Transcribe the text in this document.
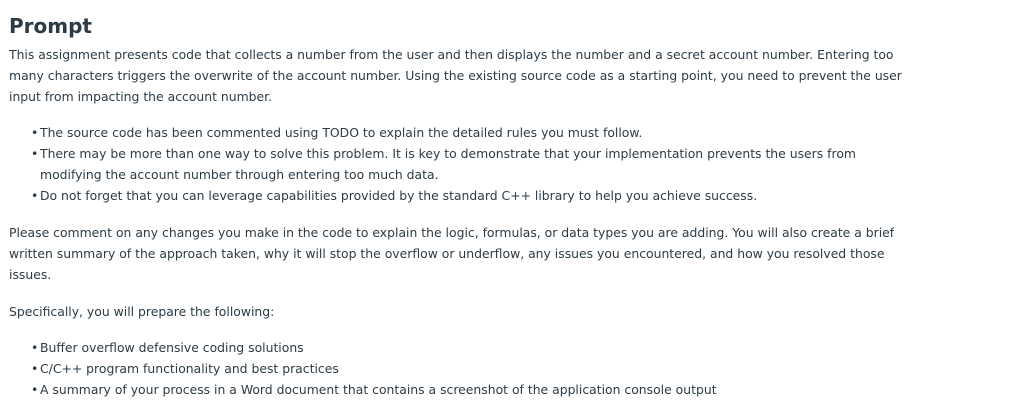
Prompt

This assignment presents code that collects a number from the user and then displays the number and a secret account number. Entering too many characters triggers the overwrite of the account number. Using the existing source code as a starting point, you need to prevent the user input from impacting the account number.

• The source code has been commented using TODO to explain the detailed rules you must follow.
• There may be more than one way to solve this problem. It is key to demonstrate that your implementation prevents the users from modifying the account number through entering too much data.
• Do not forget that you can leverage capabilities provided by the standard C++ library to help you achieve success.

Please comment on any changes you make in the code to explain the logic, formulas, or data types you are adding. You will also create a brief written summary of the approach taken, why it will stop the overflow or underflow, any issues you encountered, and how you resolved those issues.

Specifically, you will prepare the following:

• Buffer overflow defensive coding solutions
• C/C++ program functionality and best practices
• A summary of your process in a Word document that contains a screenshot of the application console output
